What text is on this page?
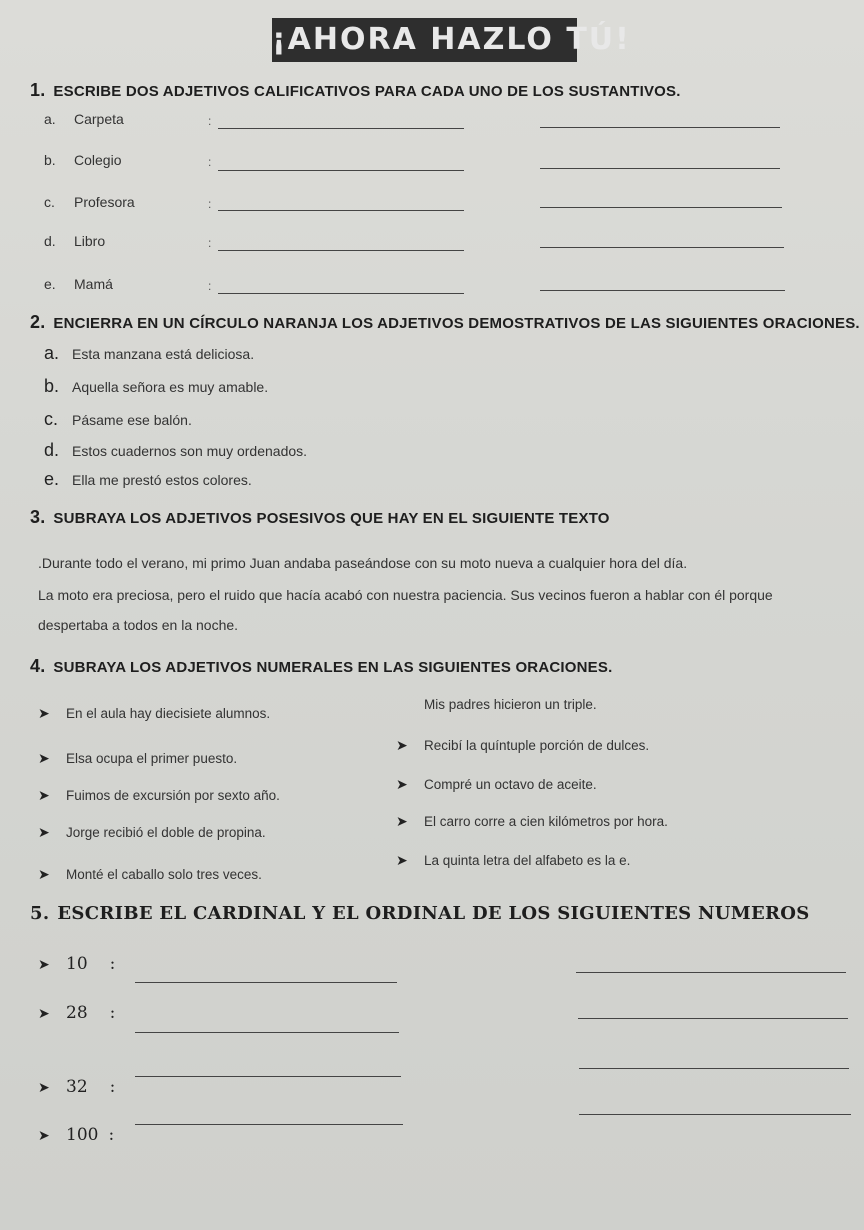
¡AHORA HAZLO TÚ!
1. ESCRIBE DOS ADJETIVOS CALIFICATIVOS PARA CADA UNO DE LOS SUSTANTIVOS.
a. Carpeta	:
b. Colegio	:
c. Profesora	:
d. Libro	:
e. Mamá	:
2. ENCIERRA EN UN CÍRCULO NARANJA LOS ADJETIVOS DEMOSTRATIVOS DE LAS SIGUIENTES ORACIONES.
a. Esta manzana está deliciosa.
b. Aquella señora es muy amable.
c. Pásame ese balón.
d. Estos cuadernos son muy ordenados.
e. Ella me prestó estos colores.
3. SUBRAYA LOS ADJETIVOS POSESIVOS QUE HAY EN EL SIGUIENTE TEXTO
.Durante todo el verano, mi primo Juan andaba paseándose con su moto nueva a cualquier hora del día.
La moto era preciosa, pero el ruido que hacía acabó con nuestra paciencia. Sus vecinos fueron a hablar con él porque
despertaba a todos en la noche.
4. SUBRAYA LOS ADJETIVOS NUMERALES EN LAS SIGUIENTES ORACIONES.
➤ En el aula hay diecisiete alumnos.
➤ Elsa ocupa el primer puesto.
➤ Fuimos de excursión por sexto año.
➤ Jorge recibió el doble de propina.
➤ Monté el caballo solo tres veces.
Mis padres hicieron un triple.
➤ Recibí la quíntuple porción de dulces.
➤ Compré un octavo de aceite.
➤ El carro corre a cien kilómetros por hora.
➤ La quinta letra del alfabeto es la e.
5. ESCRIBE EL CARDINAL Y EL ORDINAL DE LOS SIGUIENTES NUMEROS
➤ 10 :
➤ 28 :
➤ 32 :
➤ 100 :
